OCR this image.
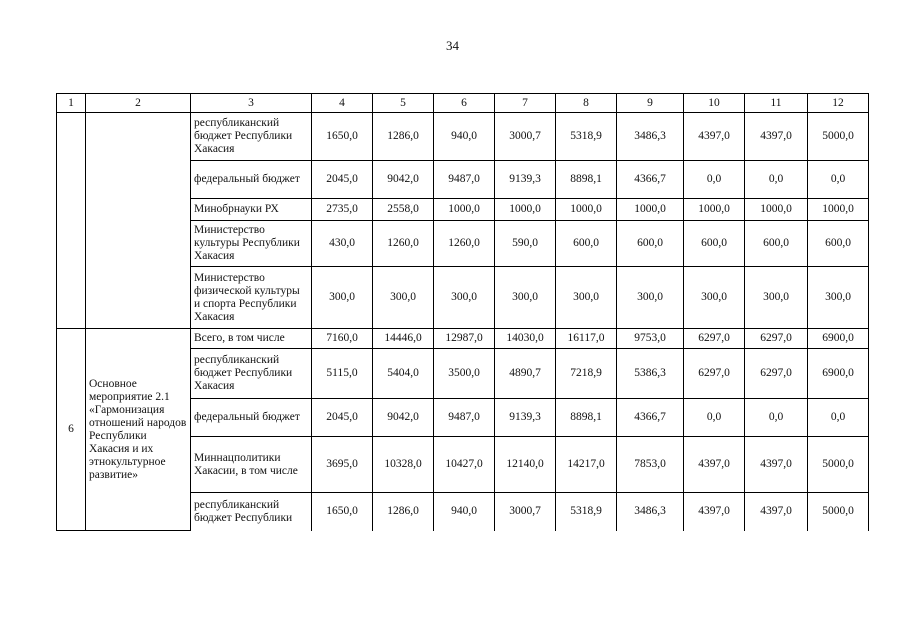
34
1	2	3	4	5	6	7	8	9	10	11	12
		республиканский бюджет Республики Хакасия	1650,0	1286,0	940,0	3000,7	5318,9	3486,3	4397,0	4397,0	5000,0
		федеральный бюджет	2045,0	9042,0	9487,0	9139,3	8898,1	4366,7	0,0	0,0	0,0
		Минобрнауки РХ	2735,0	2558,0	1000,0	1000,0	1000,0	1000,0	1000,0	1000,0	1000,0
		Министерство культуры Республики Хакасия	430,0	1260,0	1260,0	590,0	600,0	600,0	600,0	600,0	600,0
		Министерство физической культуры и спорта Республики Хакасия	300,0	300,0	300,0	300,0	300,0	300,0	300,0	300,0	300,0
6	Основное мероприятие 2.1 «Гармонизация отношений народов Республики Хакасия и их этнокультурное развитие»	Всего, в том числе	7160,0	14446,0	12987,0	14030,0	16117,0	9753,0	6297,0	6297,0	6900,0
		республиканский бюджет Республики Хакасия	5115,0	5404,0	3500,0	4890,7	7218,9	5386,3	6297,0	6297,0	6900,0
		федеральный бюджет	2045,0	9042,0	9487,0	9139,3	8898,1	4366,7	0,0	0,0	0,0
		Миннацполитики Хакасии, в том числе	3695,0	10328,0	10427,0	12140,0	14217,0	7853,0	4397,0	4397,0	5000,0
		республиканский бюджет Республики	1650,0	1286,0	940,0	3000,7	5318,9	3486,3	4397,0	4397,0	5000,0
